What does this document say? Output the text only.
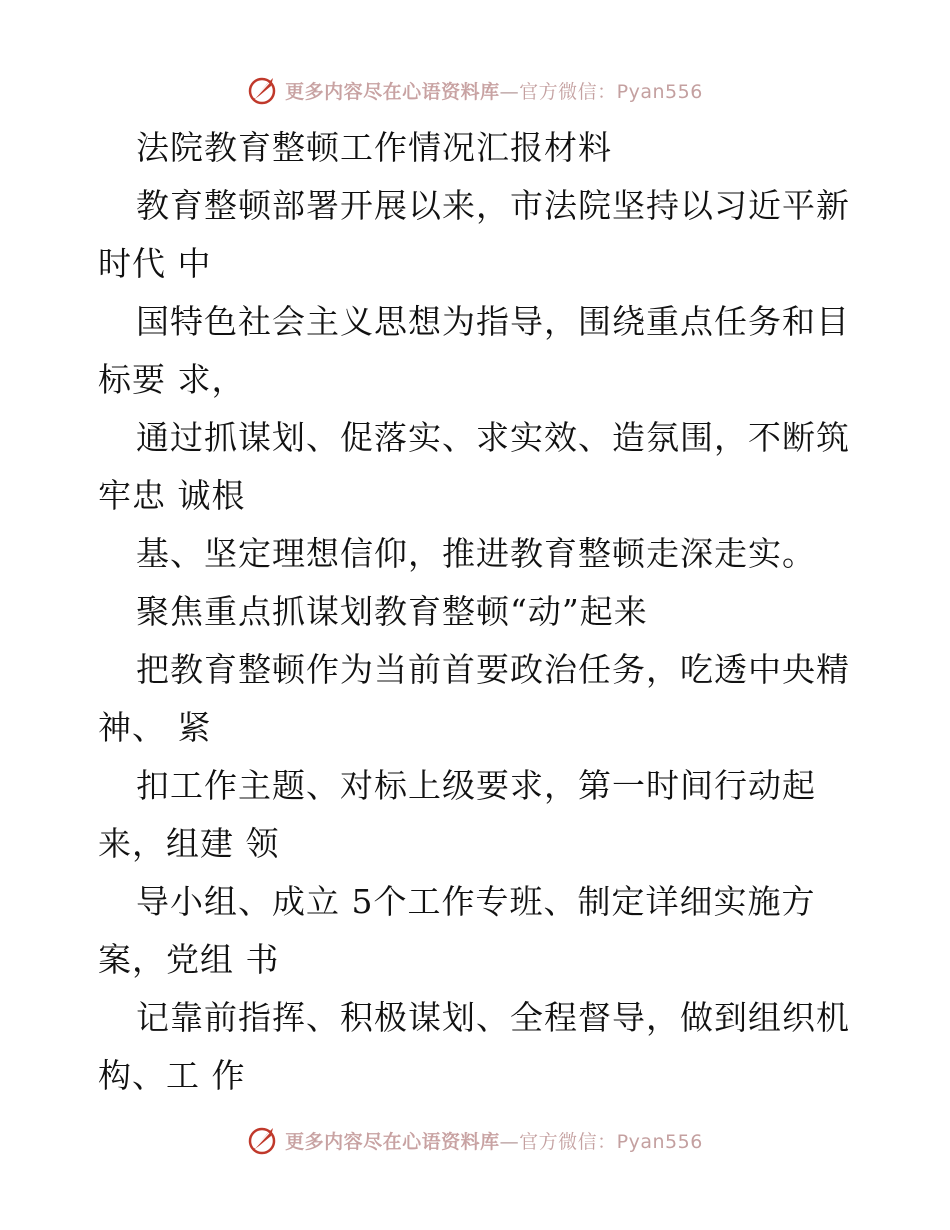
更多内容尽在心语资料库—官方微信：Pyan556
法院教育整顿工作情况汇报材料
教育整顿部署开展以来，市法院坚持以习近平新
时代 中
国特色社会主义思想为指导，围绕重点任务和目
标要 求，
通过抓谋划、促落实、求实效、造氛围，不断筑
牢忠 诚根
基、坚定理想信仰，推进教育整顿走深走实。
聚焦重点抓谋划教育整顿“动”起来
把教育整顿作为当前首要政治任务，吃透中央精
神、 紧
扣工作主题、对标上级要求，第一时间行动起
来，组建 领
导小组、成立 5个工作专班、制定详细实施方
案，党组 书
记靠前指挥、积极谋划、全程督导，做到组织机
构、工 作
更多内容尽在心语资料库—官方微信：Pyan556
